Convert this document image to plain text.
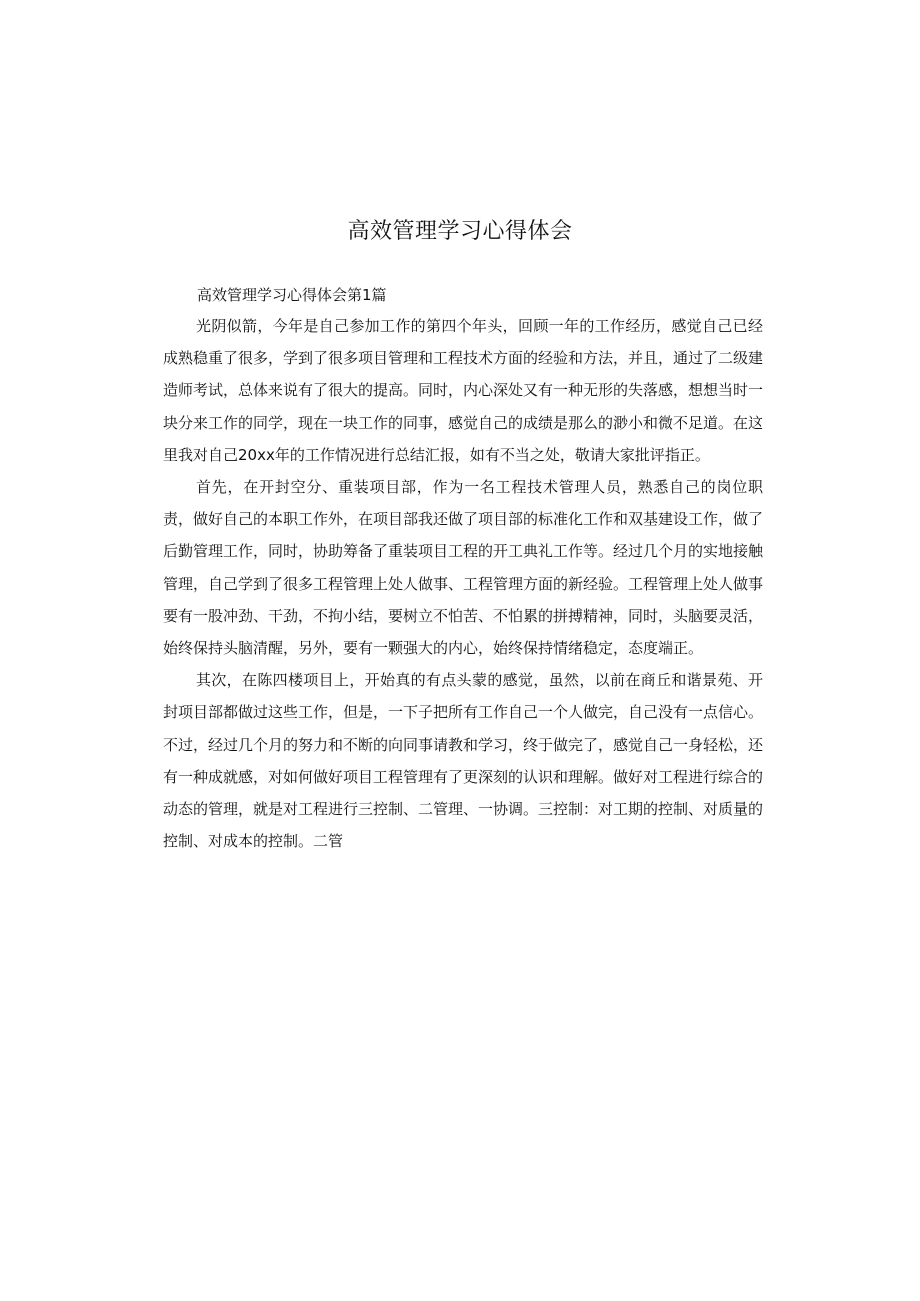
高效管理学习心得体会

高效管理学习心得体会第1篇

光阴似箭，今年是自己参加工作的第四个年头，回顾一年的工作经历，感觉自己已经成熟稳重了很多，学到了很多项目管理和工程技术方面的经验和方法，并且，通过了二级建造师考试，总体来说有了很大的提高。同时，内心深处又有一种无形的失落感，想想当时一块分来工作的同学，现在一块工作的同事，感觉自己的成绩是那么的渺小和微不足道。在这里我对自己20xx年的工作情况进行总结汇报，如有不当之处，敬请大家批评指正。

首先，在开封空分、重装项目部，作为一名工程技术管理人员，熟悉自己的岗位职责，做好自己的本职工作外，在项目部我还做了项目部的标准化工作和双基建设工作，做了后勤管理工作，同时，协助筹备了重装项目工程的开工典礼工作等。经过几个月的实地接触管理，自己学到了很多工程管理上处人做事、工程管理方面的新经验。工程管理上处人做事要有一股冲劲、干劲，不拘小结，要树立不怕苦、不怕累的拼搏精神，同时，头脑要灵活，始终保持头脑清醒，另外，要有一颗强大的内心，始终保持情绪稳定，态度端正。

其次，在陈四楼项目上，开始真的有点头蒙的感觉，虽然，以前在商丘和谐景苑、开封项目部都做过这些工作，但是，一下子把所有工作自己一个人做完，自己没有一点信心。不过，经过几个月的努力和不断的向同事请教和学习，终于做完了，感觉自己一身轻松，还有一种成就感，对如何做好项目工程管理有了更深刻的认识和理解。做好对工程进行综合的动态的管理，就是对工程进行三控制、二管理、一协调。三控制：对工期的控制、对质量的控制、对成本的控制。二管
